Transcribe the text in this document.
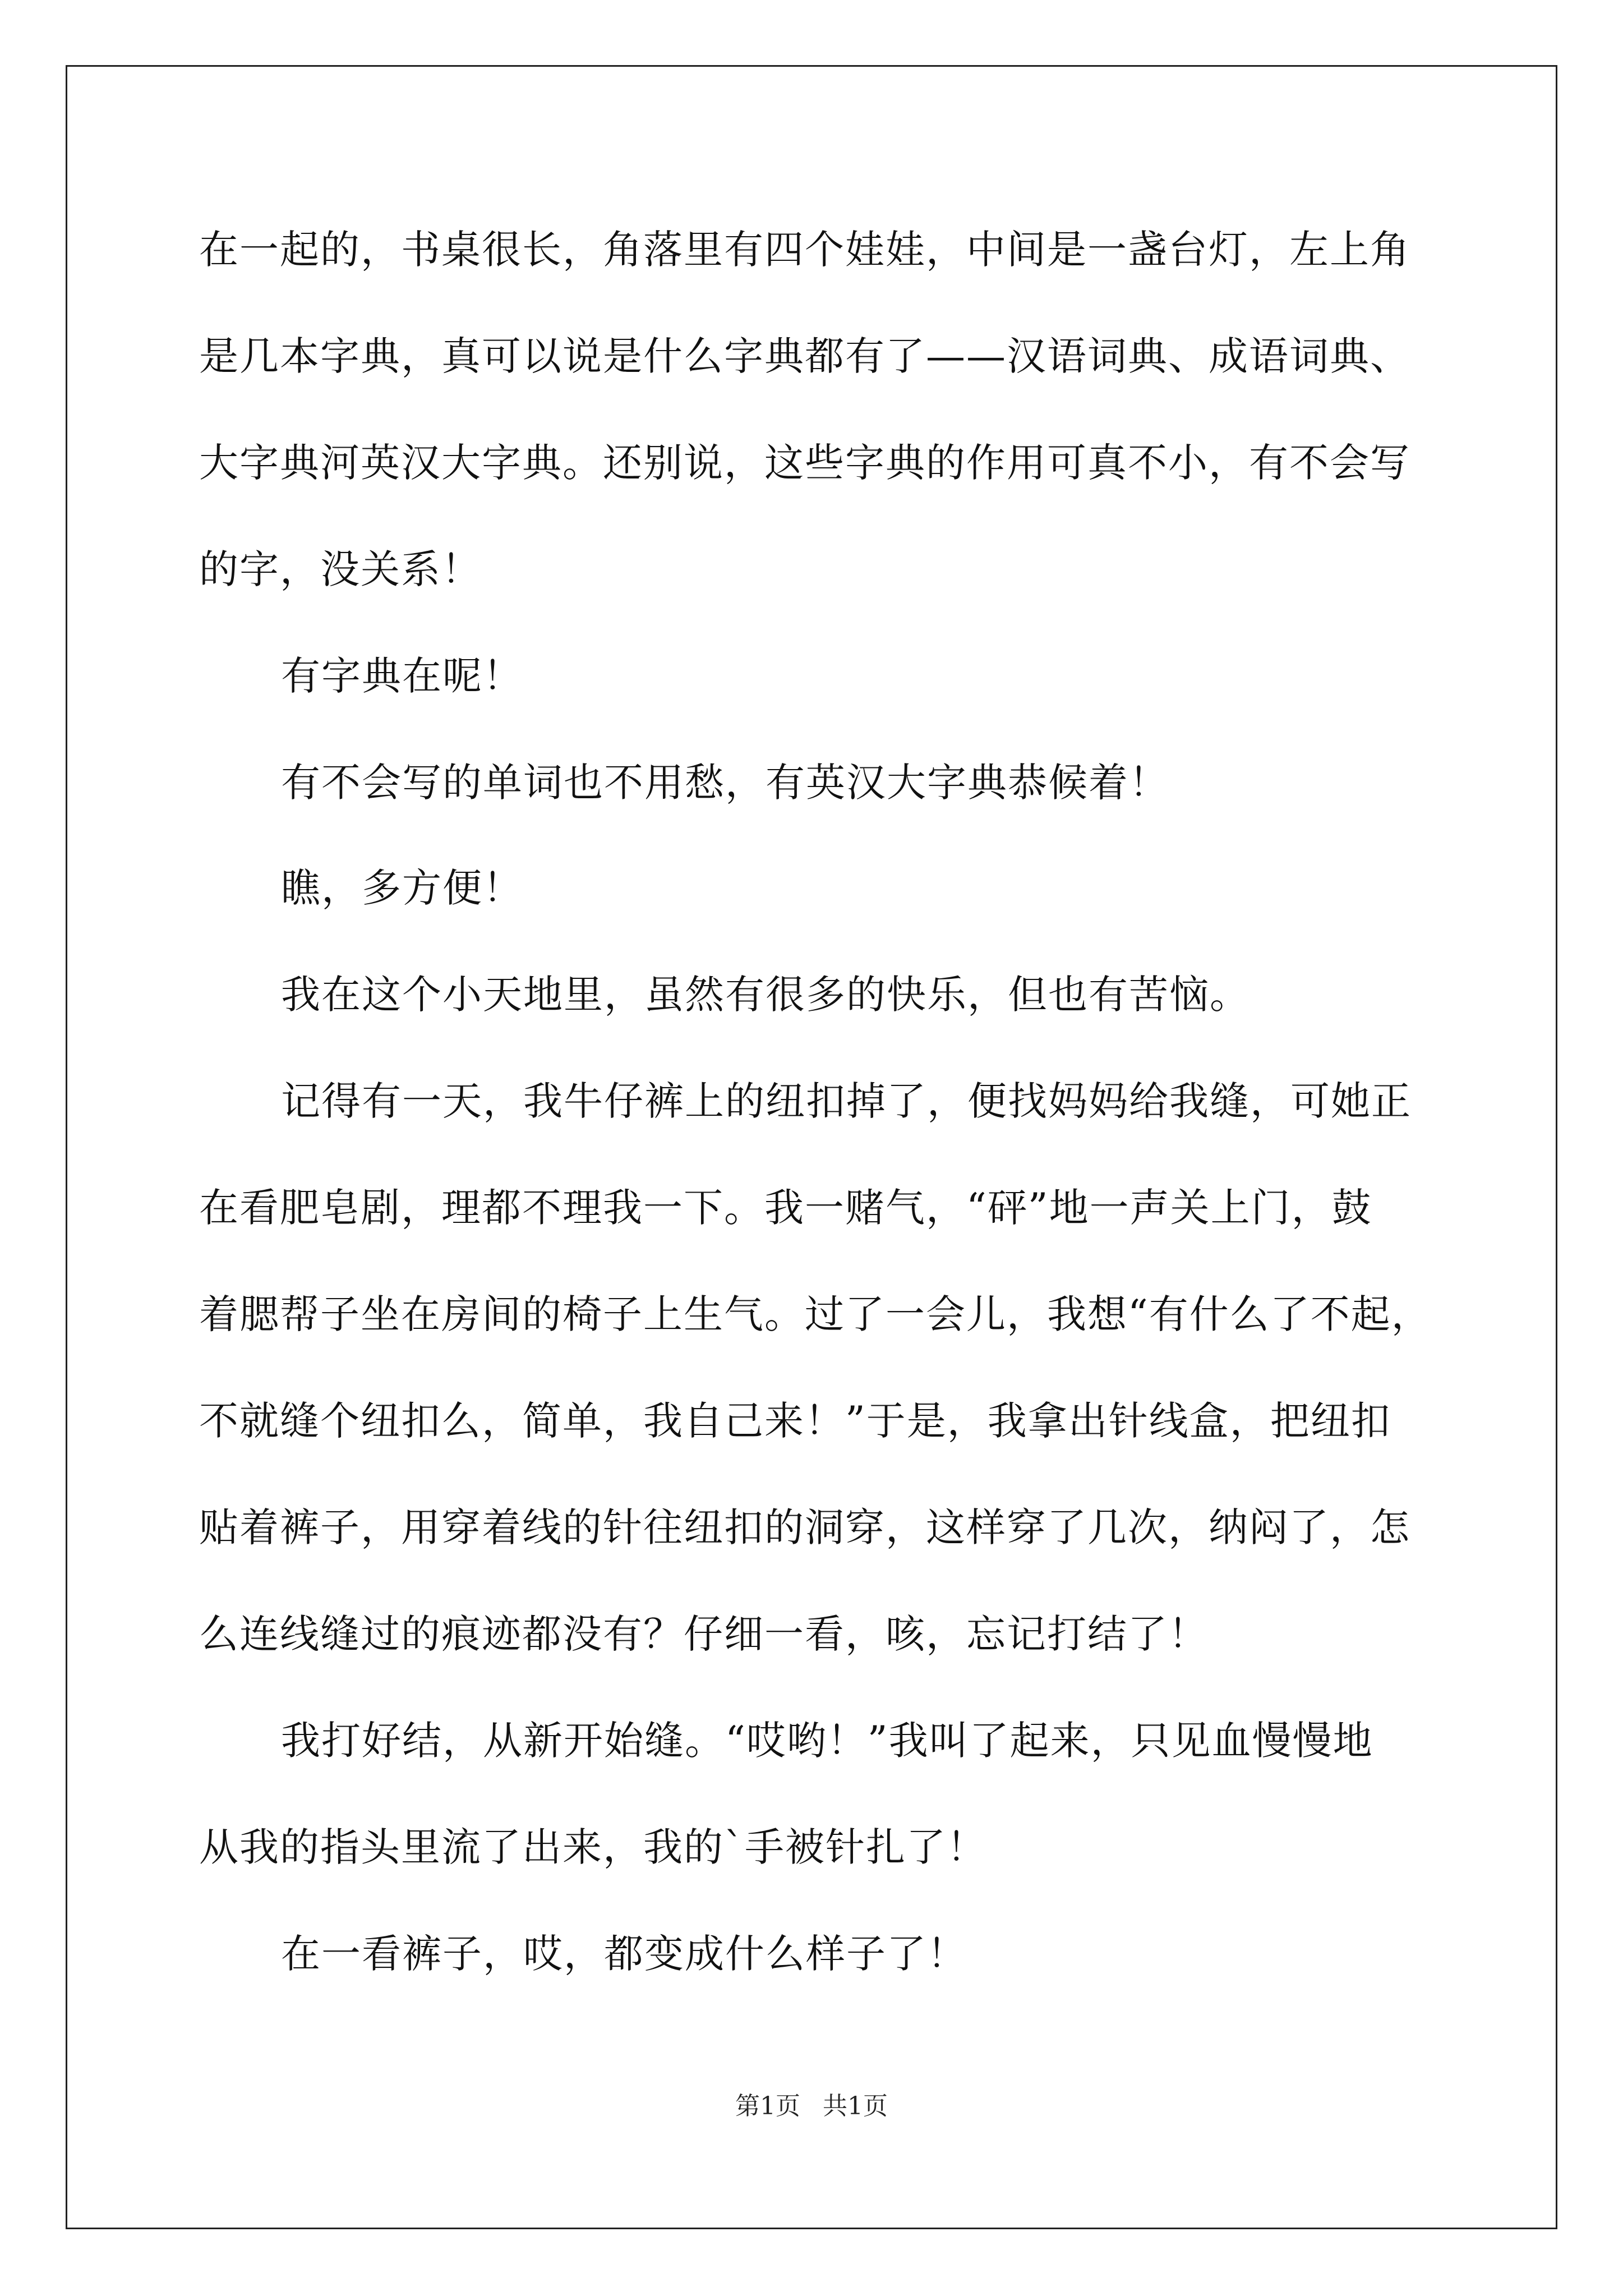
在一起的，书桌很长，角落里有四个娃娃，中间是一盏台灯，左上角
是几本字典，真可以说是什么字典都有了——汉语词典、成语词典、
大字典河英汉大字典。还别说，这些字典的作用可真不小，有不会写
的字，没关系！
有字典在呢！
有不会写的单词也不用愁，有英汉大字典恭候着！
瞧，多方便！
我在这个小天地里，虽然有很多的快乐，但也有苦恼。
记得有一天，我牛仔裤上的纽扣掉了，便找妈妈给我缝，可她正
在看肥皂剧，理都不理我一下。我一赌气，“砰”地一声关上门，鼓
着腮帮子坐在房间的椅子上生气。过了一会儿，我想“有什么了不起，
不就缝个纽扣么，简单，我自己来！”于是，我拿出针线盒，把纽扣
贴着裤子，用穿着线的针往纽扣的洞穿，这样穿了几次，纳闷了，怎
么连线缝过的痕迹都没有？仔细一看，咳，忘记打结了！
我打好结，从新开始缝。“哎哟！”我叫了起来，只见血慢慢地
从我的指头里流了出来，我的`手被针扎了！
在一看裤子，哎，都变成什么样子了！
第1页 共1页
